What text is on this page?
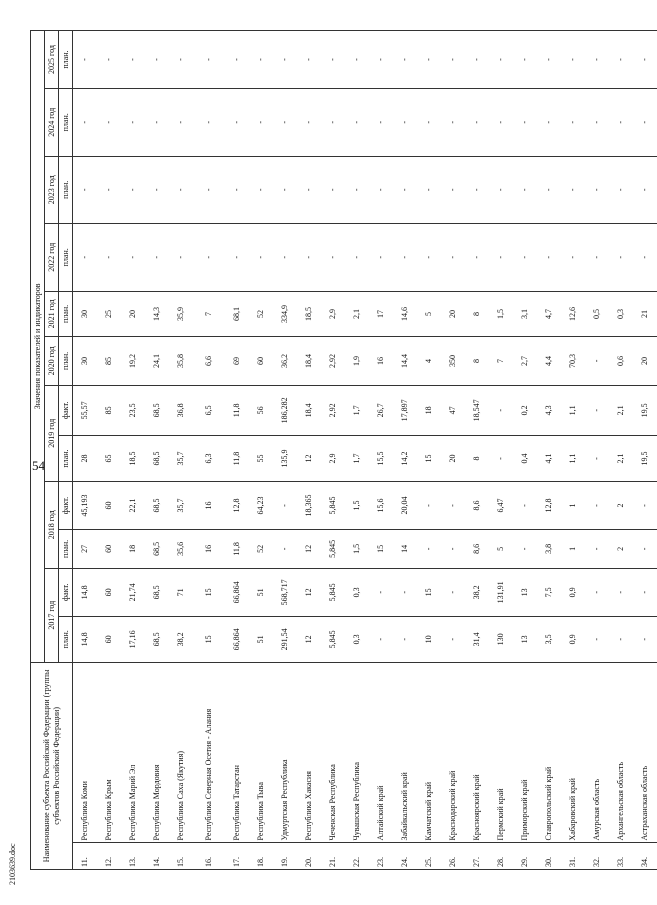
54
2103639.doc
Наименование субъекта Российской Федерации (группы субъектов Российской Федерации)		Значения показателей и индикаторов											
		2017 год		2018 год		2019 год		2020 год	2021 год	2022 год	2023 год	2024 год	2025 год
		план.	факт.	план.	факт.	план.	факт.	план.	план.	план.	план.	план.	план.
11.	Республика Коми	14,8	14,8	27	45,193	28	55,57	30	30	-	-	-	-
12.	Республика Крым	60	60	60	60	65	85	85	25	-	-	-	-
13.	Республика Марий Эл	17,16	21,74	18	22,1	18,5	23,5	19,2	20	-	-	-	-
14.	Республика Мордовия	68,5	68,5	68,5	68,5	68,5	68,5	24,1	14,3	-	-	-	-
15.	Республика Саха (Якутия)	38,2	71	35,6	35,7	35,7	36,8	35,8	35,9	-	-	-	-
16.	Республика Северная Осетия - Алания	15	15	16	16	6,3	6,5	6,6	7	-	-	-	-
17.	Республика Татарстан	66,864	66,864	11,8	12,8	11,8	11,8	69	68,1	-	-	-	-
18.	Республика Тыва	51	51	52	64,23	55	56	60	52	-	-	-	-
19.	Удмуртская Республика	291,54	568,717	-	-	135,9	186,282	36,2	334,9	-	-	-	-
20.	Республика Хакасия	12	12	12	18,365	12	18,4	18,4	18,5	-	-	-	-
21.	Чеченская Республика	5,845	5,845	5,845	5,845	2,9	2,92	2,92	2,9	-	-	-	-
22.	Чувашская Республика	0,3	0,3	1,5	1,5	1,7	1,7	1,9	2,1	-	-	-	-
23.	Алтайский край	-	-	15	15,6	15,5	26,7	16	17	-	-	-	-
24.	Забайкальский край	-	-	14	20,04	14,2	17,897	14,4	14,6	-	-	-	-
25.	Камчатский край	10	15	-	-	15	18	4	5	-	-	-	-
26.	Краснодарский край	-	-	-	-	20	47	350	20	-	-	-	-
27.	Красноярский край	31,4	38,2	8,6	8,6	8	18,547	8	8	-	-	-	-
28.	Пермский край	130	131,91	5	6,47	-	-	7	1,5	-	-	-	-
29.	Приморский край	13	13	-	-	0,4	0,2	2,7	3,1	-	-	-	-
30.	Ставропольский край	3,5	7,5	3,8	12,8	4,1	4,3	4,4	4,7	-	-	-	-
31.	Хабаровский край	0,9	0,9	1	1	1,1	1,1	70,3	12,6	-	-	-	-
32.	Амурская область	-	-	-	-	-	-	-	0,5	-	-	-	-
33.	Архангельская область	-	-	2	2	2,1	2,1	0,6	0,3	-	-	-	-
34.	Астраханская область	-	-	-	-	19,5	19,5	20	21	-	-	-	-
